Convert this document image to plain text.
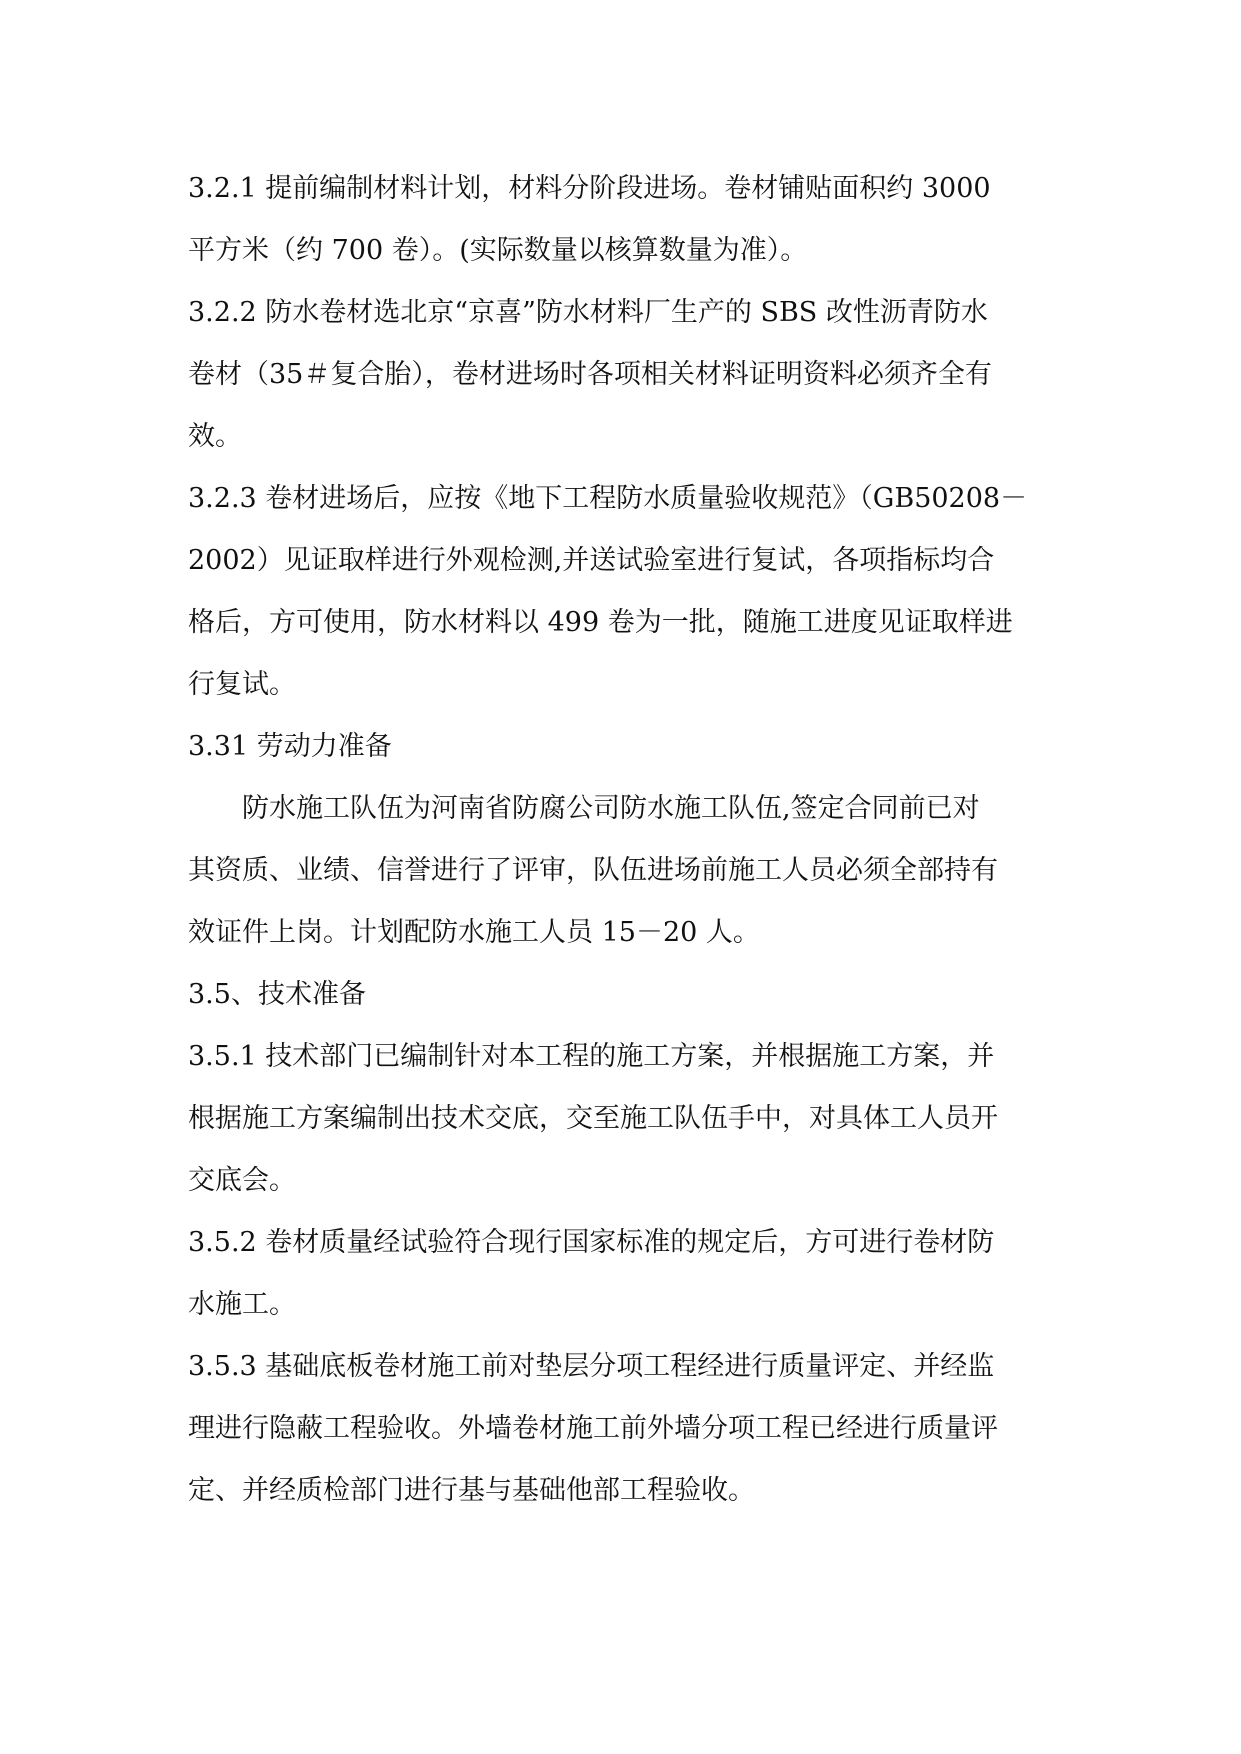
3.2.1 提前编制材料计划，材料分阶段进场。卷材铺贴面积约 3000
平方米（约 700 卷）。(实际数量以核算数量为准）。
3.2.2 防水卷材选北京“京喜”防水材料厂生产的 SBS 改性沥青防水
卷材（35＃复合胎），卷材进场时各项相关材料证明资料必须齐全有
效。
3.2.3 卷材进场后，应按《地下工程防水质量验收规范》（GB50208－
2002）见证取样进行外观检测,并送试验室进行复试，各项指标均合
格后，方可使用，防水材料以 499 卷为一批，随施工进度见证取样进
行复试。
3.31 劳动力准备
防水施工队伍为河南省防腐公司防水施工队伍,签定合同前已对
其资质、业绩、信誉进行了评审，队伍进场前施工人员必须全部持有
效证件上岗。计划配防水施工人员 15－20 人。
3.5、技术准备
3.5.1 技术部门已编制针对本工程的施工方案，并根据施工方案，并
根据施工方案编制出技术交底，交至施工队伍手中，对具体工人员开
交底会。
3.5.2 卷材质量经试验符合现行国家标准的规定后，方可进行卷材防
水施工。
3.5.3 基础底板卷材施工前对垫层分项工程经进行质量评定、并经监
理进行隐蔽工程验收。外墙卷材施工前外墙分项工程已经进行质量评
定、并经质检部门进行基与基础他部工程验收。
